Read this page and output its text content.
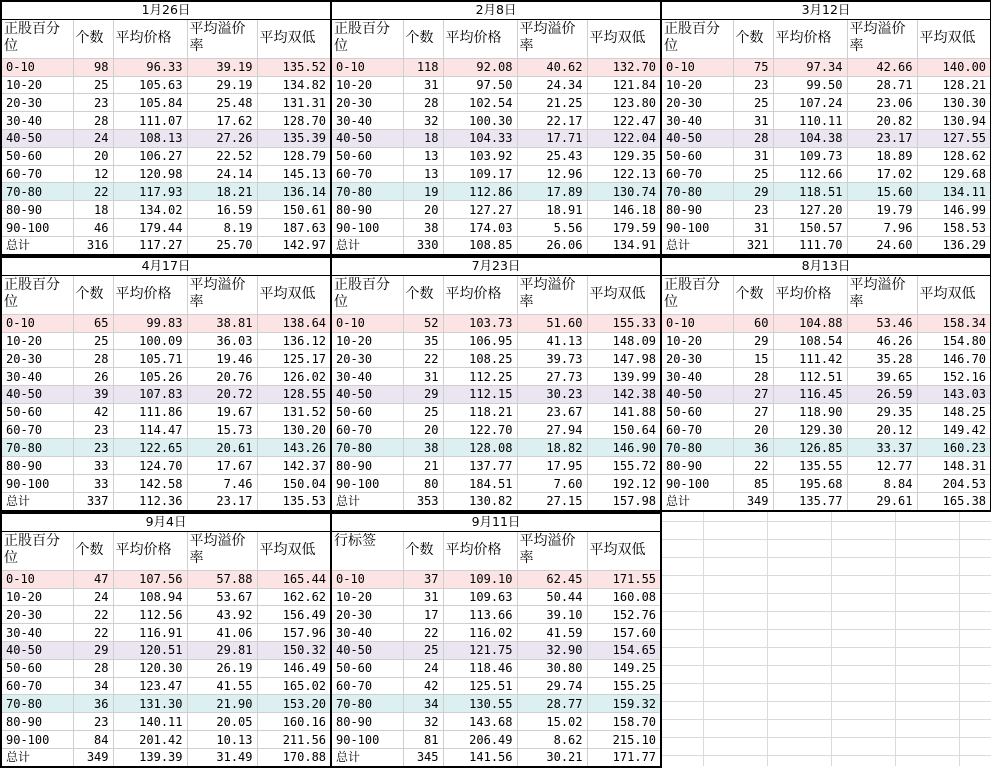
1月26日				
正股百分位	个数	平均价格	平均溢价率	平均双低
0-10	98	96.33	39.19	135.52
10-20	25	105.63	29.19	134.82
20-30	23	105.84	25.48	131.31
30-40	28	111.07	17.62	128.70
40-50	24	108.13	27.26	135.39
50-60	20	106.27	22.52	128.79
60-70	12	120.98	24.14	145.13
70-80	22	117.93	18.21	136.14
80-90	18	134.02	16.59	150.61
90-100	46	179.44	8.19	187.63
总计	316	117.27	25.70	142.97
2月8日				
正股百分位	个数	平均价格	平均溢价率	平均双低
0-10	118	92.08	40.62	132.70
10-20	31	97.50	24.34	121.84
20-30	28	102.54	21.25	123.80
30-40	32	100.30	22.17	122.47
40-50	18	104.33	17.71	122.04
50-60	13	103.92	25.43	129.35
60-70	13	109.17	12.96	122.13
70-80	19	112.86	17.89	130.74
80-90	20	127.27	18.91	146.18
90-100	38	174.03	5.56	179.59
总计	330	108.85	26.06	134.91
3月12日				
正股百分位	个数	平均价格	平均溢价率	平均双低
0-10	75	97.34	42.66	140.00
10-20	23	99.50	28.71	128.21
20-30	25	107.24	23.06	130.30
30-40	31	110.11	20.82	130.94
40-50	28	104.38	23.17	127.55
50-60	31	109.73	18.89	128.62
60-70	25	112.66	17.02	129.68
70-80	29	118.51	15.60	134.11
80-90	23	127.20	19.79	146.99
90-100	31	150.57	7.96	158.53
总计	321	111.70	24.60	136.29
4月17日				
正股百分位	个数	平均价格	平均溢价率	平均双低
0-10	65	99.83	38.81	138.64
10-20	25	100.09	36.03	136.12
20-30	28	105.71	19.46	125.17
30-40	26	105.26	20.76	126.02
40-50	39	107.83	20.72	128.55
50-60	42	111.86	19.67	131.52
60-70	23	114.47	15.73	130.20
70-80	23	122.65	20.61	143.26
80-90	33	124.70	17.67	142.37
90-100	33	142.58	7.46	150.04
总计	337	112.36	23.17	135.53
7月23日				
正股百分位	个数	平均价格	平均溢价率	平均双低
0-10	52	103.73	51.60	155.33
10-20	35	106.95	41.13	148.09
20-30	22	108.25	39.73	147.98
30-40	31	112.25	27.73	139.99
40-50	29	112.15	30.23	142.38
50-60	25	118.21	23.67	141.88
60-70	20	122.70	27.94	150.64
70-80	38	128.08	18.82	146.90
80-90	21	137.77	17.95	155.72
90-100	80	184.51	7.60	192.12
总计	353	130.82	27.15	157.98
8月13日				
正股百分位	个数	平均价格	平均溢价率	平均双低
0-10	60	104.88	53.46	158.34
10-20	29	108.54	46.26	154.80
20-30	15	111.42	35.28	146.70
30-40	28	112.51	39.65	152.16
40-50	27	116.45	26.59	143.03
50-60	27	118.90	29.35	148.25
60-70	20	129.30	20.12	149.42
70-80	36	126.85	33.37	160.23
80-90	22	135.55	12.77	148.31
90-100	85	195.68	8.84	204.53
总计	349	135.77	29.61	165.38
9月4日				
正股百分位	个数	平均价格	平均溢价率	平均双低
0-10	47	107.56	57.88	165.44
10-20	24	108.94	53.67	162.62
20-30	22	112.56	43.92	156.49
30-40	22	116.91	41.06	157.96
40-50	29	120.51	29.81	150.32
50-60	28	120.30	26.19	146.49
60-70	34	123.47	41.55	165.02
70-80	36	131.30	21.90	153.20
80-90	23	140.11	20.05	160.16
90-100	84	201.42	10.13	211.56
总计	349	139.39	31.49	170.88
9月11日				
行标签	个数	平均价格	平均溢价率	平均双低
0-10	37	109.10	62.45	171.55
10-20	31	109.63	50.44	160.08
20-30	17	113.66	39.10	152.76
30-40	22	116.02	41.59	157.60
40-50	25	121.75	32.90	154.65
50-60	24	118.46	30.80	149.25
60-70	42	125.51	29.74	155.25
70-80	34	130.55	28.77	159.32
80-90	32	143.68	15.02	158.70
90-100	81	206.49	8.62	215.10
总计	345	141.56	30.21	171.77
